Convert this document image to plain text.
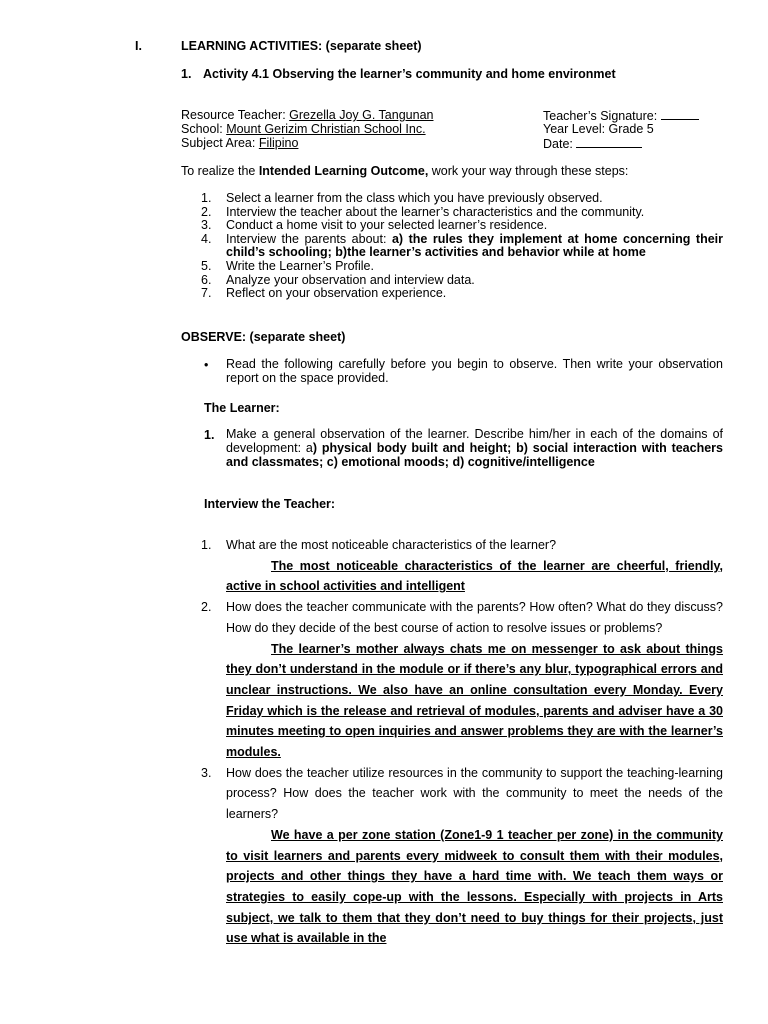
I.	LEARNING ACTIVITIES: (separate sheet)
1. Activity 4.1 Observing the learner’s community and home environmet
Resource Teacher: Grezella Joy G. Tangunan
School: Mount Gerizim Christian School Inc.
Subject Area: Filipino
Teacher’s Signature:
Year Level: Grade 5
Date:
To realize the Intended Learning Outcome, work your way through these steps:
1. Select a learner from the class which you have previously observed.
2. Interview the teacher about the learner’s characteristics and the community.
3. Conduct a home visit to your selected learner’s residence.
4. Interview the parents about: a) the rules they implement at home concerning their child’s schooling; b)the learner’s activities and behavior while at home
5. Write the Learner’s Profile.
6. Analyze your observation and interview data.
7. Reflect on your observation experience.
OBSERVE: (separate sheet)
• Read the following carefully before you begin to observe. Then write your observation report on the space provided.
The Learner:
1. Make a general observation of the learner. Describe him/her in each of the domains of development: a) physical body built and height; b) social interaction with teachers and classmates; c) emotional moods; d) cognitive/intelligence
Interview the Teacher:
1. What are the most noticeable characteristics of the learner?
The most noticeable characteristics of the learner are cheerful, friendly, active in school activities and intelligent
2. How does the teacher communicate with the parents? How often? What do they discuss? How do they decide of the best course of action to resolve issues or problems?
The learner’s mother always chats me on messenger to ask about things they don’t understand in the module or if there’s any blur, typographical errors and unclear instructions. We also have an online consultation every Monday. Every Friday which is the release and retrieval of modules, parents and adviser have a 30 minutes meeting to open inquiries and answer problems they are with the learner’s modules.
3. How does the teacher utilize resources in the community to support the teaching-learning process? How does the teacher work with the community to meet the needs of the learners?
We have a per zone station (Zone1-9 1 teacher per zone) in the community to visit learners and parents every midweek to consult them with their modules, projects and other things they have a hard time with. We teach them ways or strategies to easily cope-up with the lessons. Especially with projects in Arts subject, we talk to them that they don’t need to buy things for their projects, just use what is available in the
